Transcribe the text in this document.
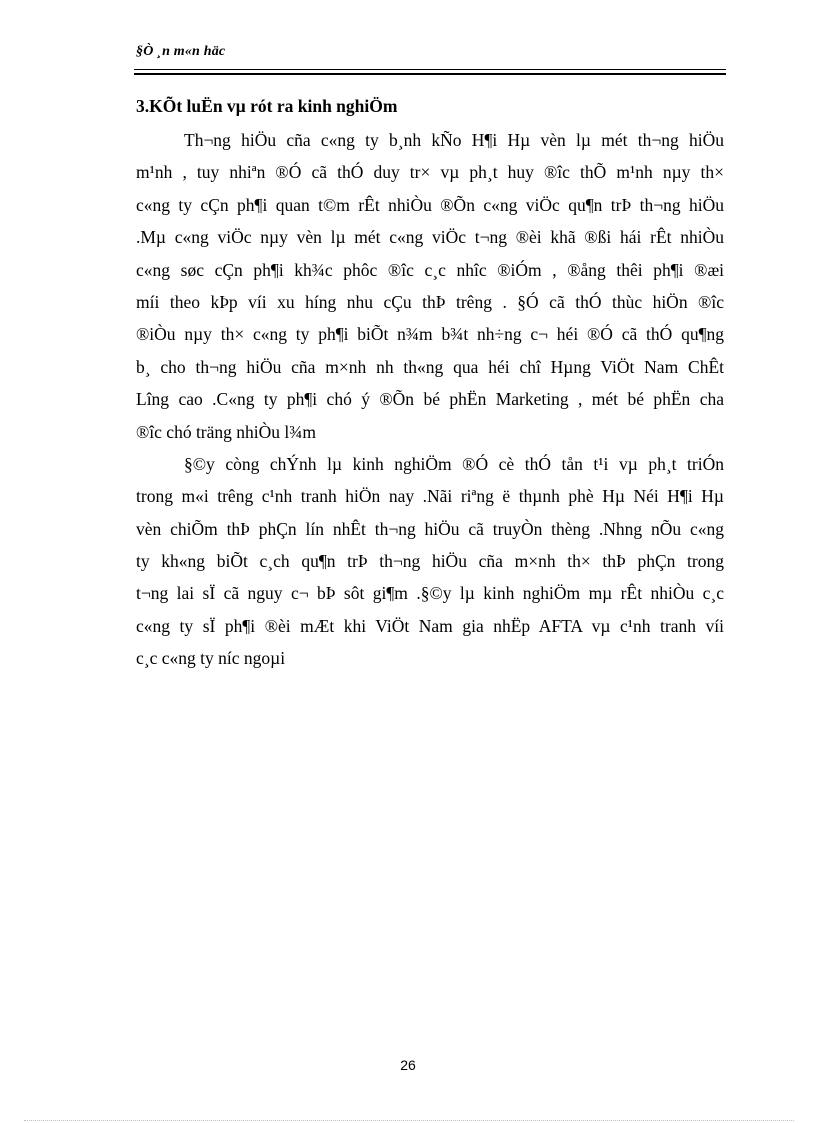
§Ò ¸n m«n häc
3.KÕt luËn vµ rót ra kinh nghiÖm
Th¬ng hiÖu cña c«ng ty b¸nh kÑo H¶i Hµ vèn lµ mét th¬ng hiÖu
m¹nh , tuy nhiªn ®Ó cã thÓ duy tr× vµ ph¸t huy ®îc thÕ m¹nh nµy th×
c«ng ty cÇn ph¶i quan t©m rÊt nhiÒu ®Õn c«ng viÖc qu¶n trÞ th¬ng hiÖu
.Mµ c«ng viÖc nµy vèn lµ mét c«ng viÖc t¬ng ®èi khã ®ßi hái rÊt nhiÒu
c«ng søc cÇn ph¶i kh¾c phôc ®îc c¸c nhîc ®iÓm , ®ång thêi ph¶i ®æi
míi theo kÞp víi xu híng nhu cÇu thÞ trêng . §Ó cã thÓ thùc hiÖn ®îc
®iÒu nµy th× c«ng ty ph¶i biÕt n¾m b¾t nh÷ng c¬ héi ®Ó cã thÓ qu¶ng
b¸ cho th¬ng hiÖu cña m×nh nh th«ng qua héi chî Hµng ViÖt Nam ChÊt
Lîng cao .C«ng ty ph¶i chó ý ®Õn bé phËn Marketing , mét bé phËn cha
®îc chó träng nhiÒu l¾m
§©y còng chÝnh lµ kinh nghiÖm ®Ó cè thÓ tån t¹i vµ ph¸t triÓn
trong m«i trêng c¹nh tranh hiÖn nay .Nãi riªng ë thµnh phè Hµ Néi H¶i Hµ
vèn chiÕm thÞ phÇn lín nhÊt th¬ng hiÖu cã truyÒn thèng .Nhng nÕu c«ng
ty kh«ng biÕt c¸ch qu¶n trÞ th¬ng hiÖu cña m×nh th× thÞ phÇn trong
t¬ng lai sÏ cã nguy c¬ bÞ sôt gi¶m .§©y lµ kinh nghiÖm mµ rÊt nhiÒu c¸c
c«ng ty sÏ ph¶i ®èi mÆt khi ViÖt Nam gia nhËp AFTA vµ c¹nh tranh víi
c¸c c«ng ty níc ngoµi
26
